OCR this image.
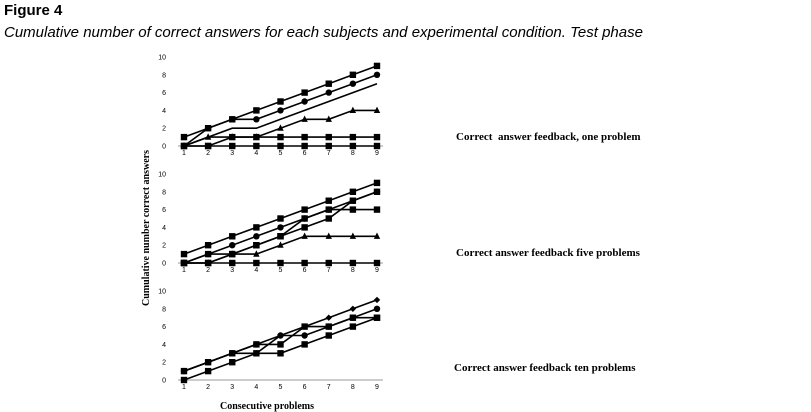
Figure 4
Cumulative number of correct answers for each subjects and experimental condition. Test phase
Cumulative number correct answers
Consecutive problems
0
2
4
6
8
10
1	2	3	4	5	6	7	8	9
Correct  answer feedback, one problem
0
2
4
6
8
10
1	2	3	4	5	6	7	8	9
Correct answer feedback five problems
0
2
4
6
8
10
1	2	3	4	5	6	7	8	9
Correct answer feedback ten problems
